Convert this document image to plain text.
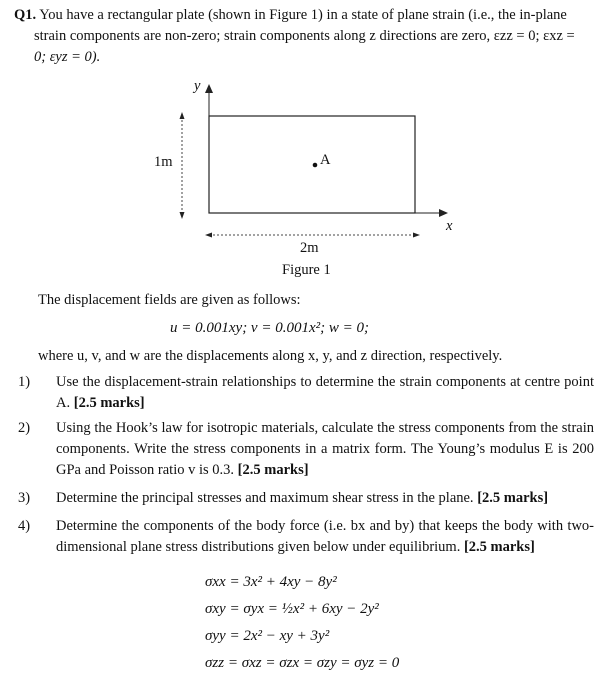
Q1. You have a rectangular plate (shown in Figure 1) in a state of plane strain (i.e., the in-plane
strain components are non-zero; strain components along z directions are zero, εzz = 0; εxz =
0; εyz = 0).
y
x
1m	A
2m
Figure 1
The displacement fields are given as follows:
u = 0.001xy; v = 0.001x²; w = 0;
where u, v, and w are the displacements along x, y, and z direction, respectively.
1)	Use the displacement-strain relationships to determine the strain components at centre point A. [2.5 marks]
2)	Using the Hook’s law for isotropic materials, calculate the stress components from the strain components. Write the stress components in a matrix form. The Young’s modulus E is 200 GPa and Poisson ratio v is 0.3. [2.5 marks]
3)	Determine the principal stresses and maximum shear stress in the plane. [2.5 marks]
4)	Determine the components of the body force (i.e. bx and by) that keeps the body with two-dimensional plane stress distributions given below under equilibrium. [2.5 marks]
σxx = 3x² + 4xy − 8y²
σxy = σyx = ½x² + 6xy − 2y²
σyy = 2x² − xy + 3y²
σzz = σxz = σzx = σzy = σyz = 0
